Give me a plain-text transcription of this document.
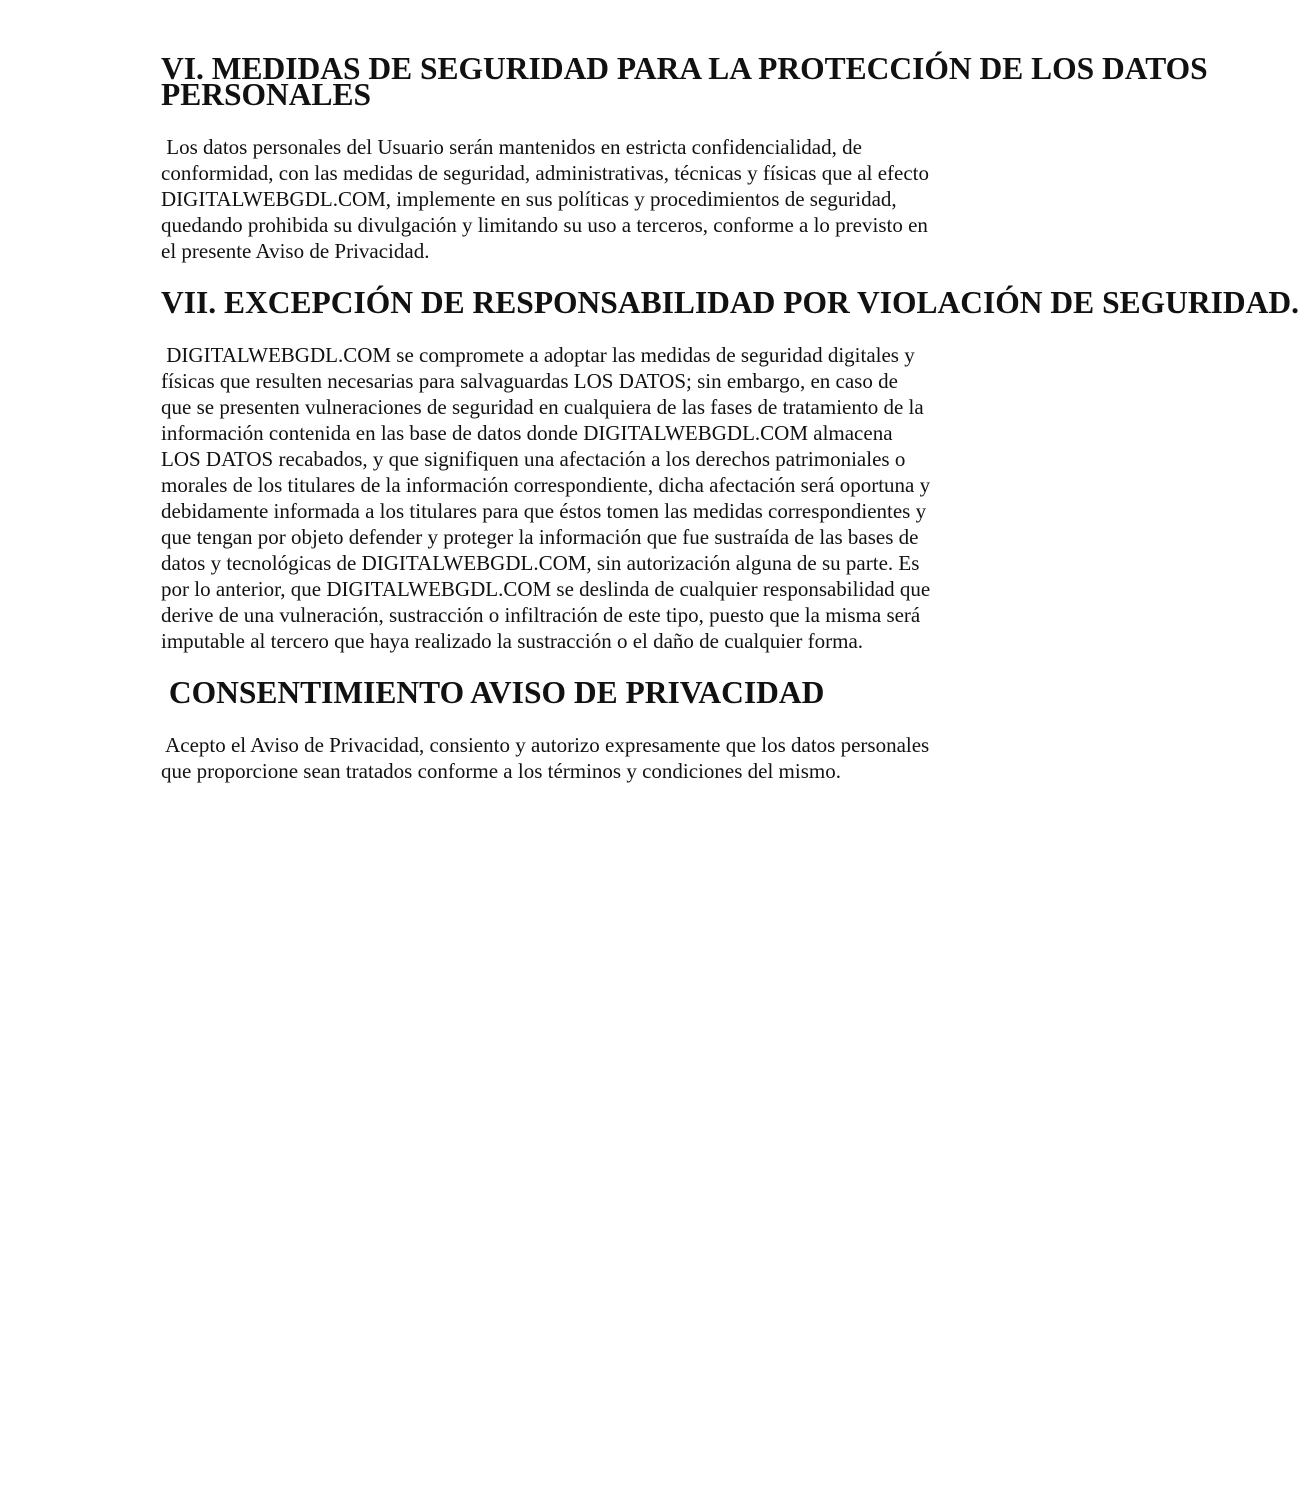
VI. MEDIDAS DE SEGURIDAD PARA LA PROTECCIÓN DE LOS DATOS
PERSONALES

Los datos personales del Usuario serán mantenidos en estricta confidencialidad, de
conformidad, con las medidas de seguridad, administrativas, técnicas y físicas que al efecto
DIGITALWEBGDL.COM, implemente en sus políticas y procedimientos de seguridad,
quedando prohibida su divulgación y limitando su uso a terceros, conforme a lo previsto en
el presente Aviso de Privacidad.

VII. EXCEPCIÓN DE RESPONSABILIDAD POR VIOLACIÓN DE SEGURIDAD.

DIGITALWEBGDL.COM se compromete a adoptar las medidas de seguridad digitales y
físicas que resulten necesarias para salvaguardas LOS DATOS; sin embargo, en caso de
que se presenten vulneraciones de seguridad en cualquiera de las fases de tratamiento de la
información contenida en las base de datos donde DIGITALWEBGDL.COM almacena
LOS DATOS recabados, y que signifiquen una afectación a los derechos patrimoniales o
morales de los titulares de la información correspondiente, dicha afectación será oportuna y
debidamente informada a los titulares para que éstos tomen las medidas correspondientes y
que tengan por objeto defender y proteger la información que fue sustraída de las bases de
datos y tecnológicas de DIGITALWEBGDL.COM, sin autorización alguna de su parte. Es
por lo anterior, que DIGITALWEBGDL.COM se deslinda de cualquier responsabilidad que
derive de una vulneración, sustracción o infiltración de este tipo, puesto que la misma será
imputable al tercero que haya realizado la sustracción o el daño de cualquier forma.

CONSENTIMIENTO AVISO DE PRIVACIDAD

Acepto el Aviso de Privacidad, consiento y autorizo expresamente que los datos personales
que proporcione sean tratados conforme a los términos y condiciones del mismo.
